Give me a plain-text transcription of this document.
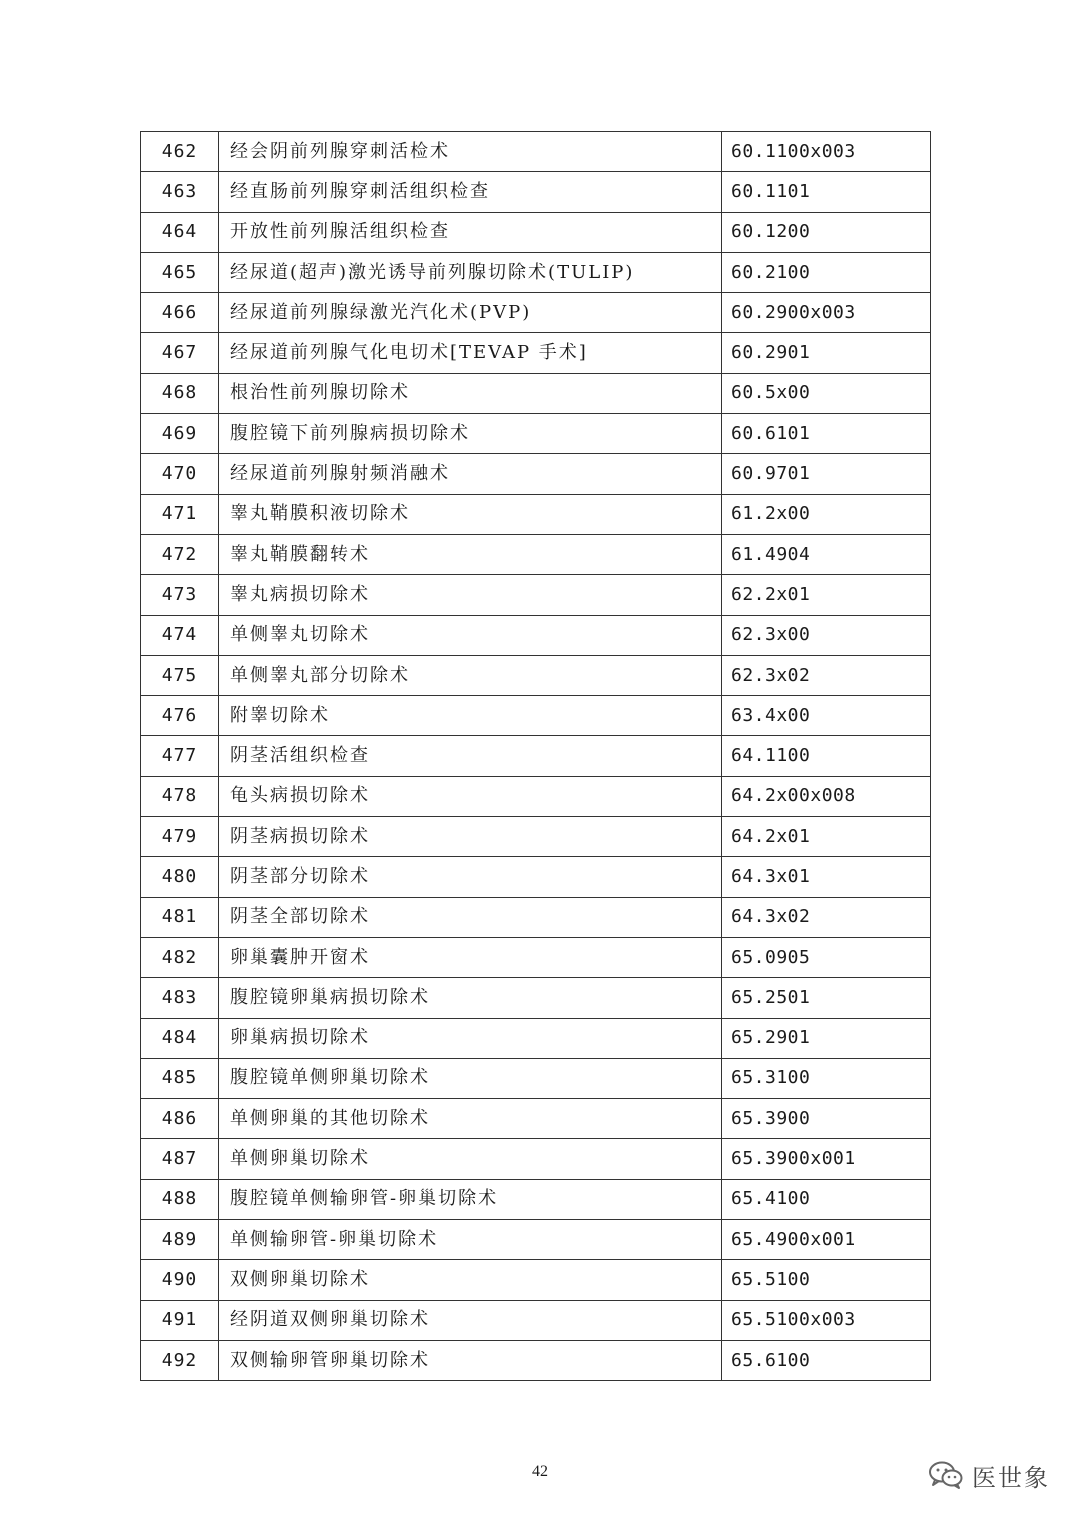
462	经会阴前列腺穿刺活检术	60.1100x003
463	经直肠前列腺穿刺活组织检查	60.1101
464	开放性前列腺活组织检查	60.1200
465	经尿道(超声)激光诱导前列腺切除术(TULIP)	60.2100
466	经尿道前列腺绿激光汽化术(PVP)	60.2900x003
467	经尿道前列腺气化电切术[TEVAP 手术]	60.2901
468	根治性前列腺切除术	60.5x00
469	腹腔镜下前列腺病损切除术	60.6101
470	经尿道前列腺射频消融术	60.9701
471	睾丸鞘膜积液切除术	61.2x00
472	睾丸鞘膜翻转术	61.4904
473	睾丸病损切除术	62.2x01
474	单侧睾丸切除术	62.3x00
475	单侧睾丸部分切除术	62.3x02
476	附睾切除术	63.4x00
477	阴茎活组织检查	64.1100
478	龟头病损切除术	64.2x00x008
479	阴茎病损切除术	64.2x01
480	阴茎部分切除术	64.3x01
481	阴茎全部切除术	64.3x02
482	卵巢囊肿开窗术	65.0905
483	腹腔镜卵巢病损切除术	65.2501
484	卵巢病损切除术	65.2901
485	腹腔镜单侧卵巢切除术	65.3100
486	单侧卵巢的其他切除术	65.3900
487	单侧卵巢切除术	65.3900x001
488	腹腔镜单侧输卵管-卵巢切除术	65.4100
489	单侧输卵管-卵巢切除术	65.4900x001
490	双侧卵巢切除术	65.5100
491	经阴道双侧卵巢切除术	65.5100x003
492	双侧输卵管卵巢切除术	65.6100
42	医世象
